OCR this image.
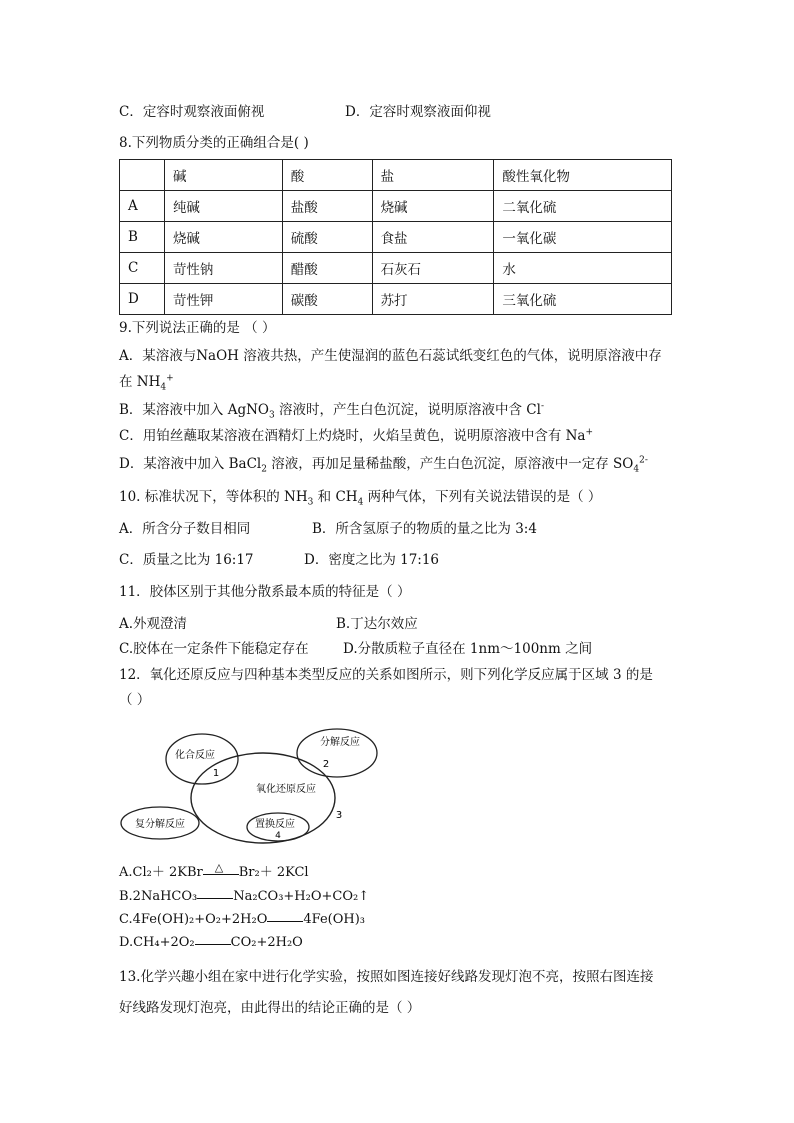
C．定容时观察液面俯视	D．定容时观察液面仰视
8.下列物质分类的正确组合是( )
	碱	酸	盐	酸性氧化物
A	纯碱	盐酸	烧碱	二氧化硫
B	烧碱	硫酸	食盐	一氧化碳
C	苛性钠	醋酸	石灰石	水
D	苛性钾	碳酸	苏打	三氧化硫
9.下列说法正确的是 （ ）
A．某溶液与NaOH 溶液共热，产生使湿润的蓝色石蕊试纸变红色的气体，说明原溶液中存
在 $NH_4^+$
B．某溶液中加入 AgNO$_3$ 溶液时，产生白色沉淀，说明原溶液中含 Cl-
C．用铂丝蘸取某溶液在酒精灯上灼烧时，火焰呈黄色，说明原溶液中含有 Na+
D．某溶液中加入 BaCl$_2$ 溶液，再加足量稀盐酸，产生白色沉淀，原溶液中一定存 $SO_4^{2-}$
10. 标准状况下，等体积的 $NH_3$ 和 $CH_4$ 两种气体，下列有关说法错误的是（ ）
A．所含分子数目相同	B．所含氢原子的物质的量之比为 3:4
C．质量之比为 16:17	D．密度之比为 17:16
11．胶体区别于其他分散系最本质的特征是（ ）
A.外观澄清	B.丁达尔效应
C.胶体在一定条件下能稳定存在	D.分散质粒子直径在 1nm～100nm 之间
12．氧化还原反应与四种基本类型反应的关系如图所示，则下列化学反应属于区域 3 的是
（ ）
化合反应
1
分解反应
2
氧化还原反应
3
复分解反应	置换反应
4
A.Cl₂＋ 2KBr △ Br₂＋ 2KCl
B.2NaHCO₃	Na₂CO₃+H₂O+CO₂↑
C.4Fe(OH)₂+O₂+2H₂O	4Fe(OH)₃
D.CH₄+2O₂	CO₂+2H₂O
13.化学兴趣小组在家中进行化学实验，按照如图连接好线路发现灯泡不亮，按照右图连接
好线路发现灯泡亮，由此得出的结论正确的是（ ）
